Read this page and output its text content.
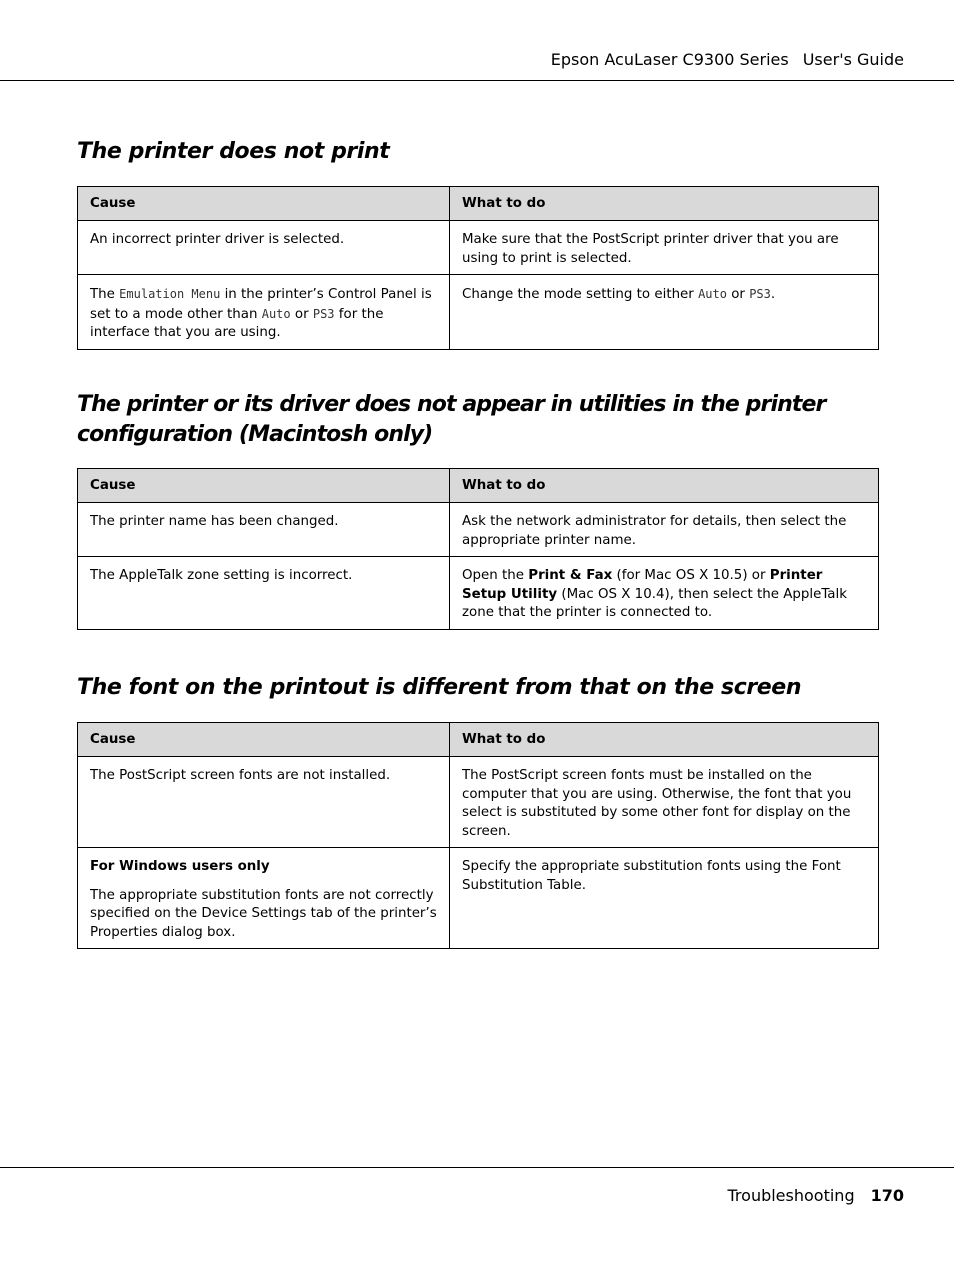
Epson AcuLaser C9300 Series User's Guide
The printer does not print
Cause	What to do
An incorrect printer driver is selected.	Make sure that the PostScript printer driver that you are using to print is selected.
The Emulation Menu in the printer’s Control Panel is set to a mode other than Auto or PS3 for the interface that you are using.	Change the mode setting to either Auto or PS3.
The printer or its driver does not appear in utilities in the printer configuration (Macintosh only)
Cause	What to do
The printer name has been changed.	Ask the network administrator for details, then select the appropriate printer name.
The AppleTalk zone setting is incorrect.	Open the Print & Fax (for Mac OS X 10.5) or Printer Setup Utility (Mac OS X 10.4), then select the AppleTalk zone that the printer is connected to.
The font on the printout is different from that on the screen
Cause	What to do
The PostScript screen fonts are not installed.	The PostScript screen fonts must be installed on the computer that you are using. Otherwise, the font that you select is substituted by some other font for display on the screen.

For Windows users only

The appropriate substitution fonts are not correctly specified on the Device Settings tab of the printer’s Properties dialog box.	Specify the appropriate substitution fonts using the Font Substitution Table.
Troubleshooting 170
